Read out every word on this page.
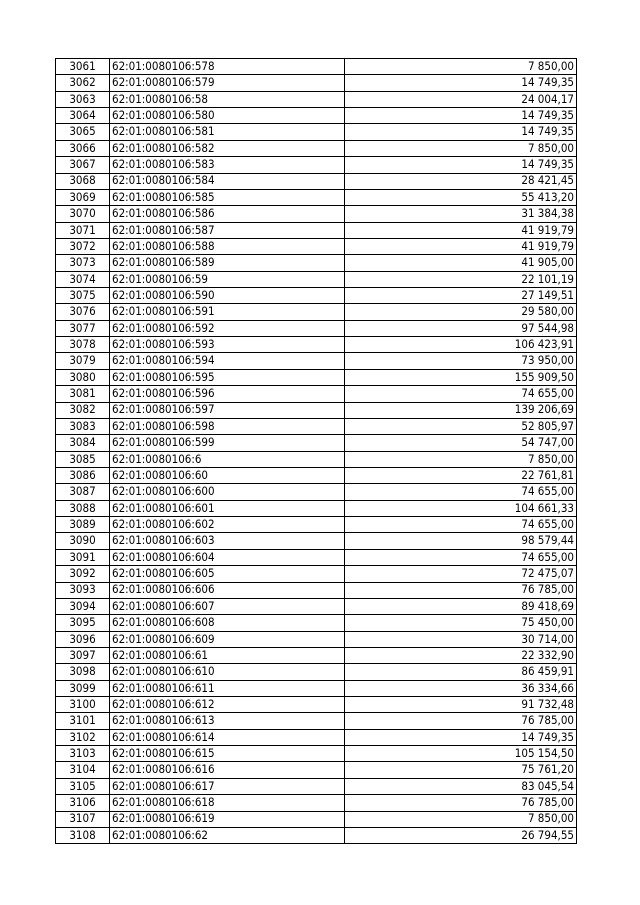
3061	62:01:0080106:578	7 850,00
3062	62:01:0080106:579	14 749,35
3063	62:01:0080106:58	24 004,17
3064	62:01:0080106:580	14 749,35
3065	62:01:0080106:581	14 749,35
3066	62:01:0080106:582	7 850,00
3067	62:01:0080106:583	14 749,35
3068	62:01:0080106:584	28 421,45
3069	62:01:0080106:585	55 413,20
3070	62:01:0080106:586	31 384,38
3071	62:01:0080106:587	41 919,79
3072	62:01:0080106:588	41 919,79
3073	62:01:0080106:589	41 905,00
3074	62:01:0080106:59	22 101,19
3075	62:01:0080106:590	27 149,51
3076	62:01:0080106:591	29 580,00
3077	62:01:0080106:592	97 544,98
3078	62:01:0080106:593	106 423,91
3079	62:01:0080106:594	73 950,00
3080	62:01:0080106:595	155 909,50
3081	62:01:0080106:596	74 655,00
3082	62:01:0080106:597	139 206,69
3083	62:01:0080106:598	52 805,97
3084	62:01:0080106:599	54 747,00
3085	62:01:0080106:6	7 850,00
3086	62:01:0080106:60	22 761,81
3087	62:01:0080106:600	74 655,00
3088	62:01:0080106:601	104 661,33
3089	62:01:0080106:602	74 655,00
3090	62:01:0080106:603	98 579,44
3091	62:01:0080106:604	74 655,00
3092	62:01:0080106:605	72 475,07
3093	62:01:0080106:606	76 785,00
3094	62:01:0080106:607	89 418,69
3095	62:01:0080106:608	75 450,00
3096	62:01:0080106:609	30 714,00
3097	62:01:0080106:61	22 332,90
3098	62:01:0080106:610	86 459,91
3099	62:01:0080106:611	36 334,66
3100	62:01:0080106:612	91 732,48
3101	62:01:0080106:613	76 785,00
3102	62:01:0080106:614	14 749,35
3103	62:01:0080106:615	105 154,50
3104	62:01:0080106:616	75 761,20
3105	62:01:0080106:617	83 045,54
3106	62:01:0080106:618	76 785,00
3107	62:01:0080106:619	7 850,00
3108	62:01:0080106:62	26 794,55
